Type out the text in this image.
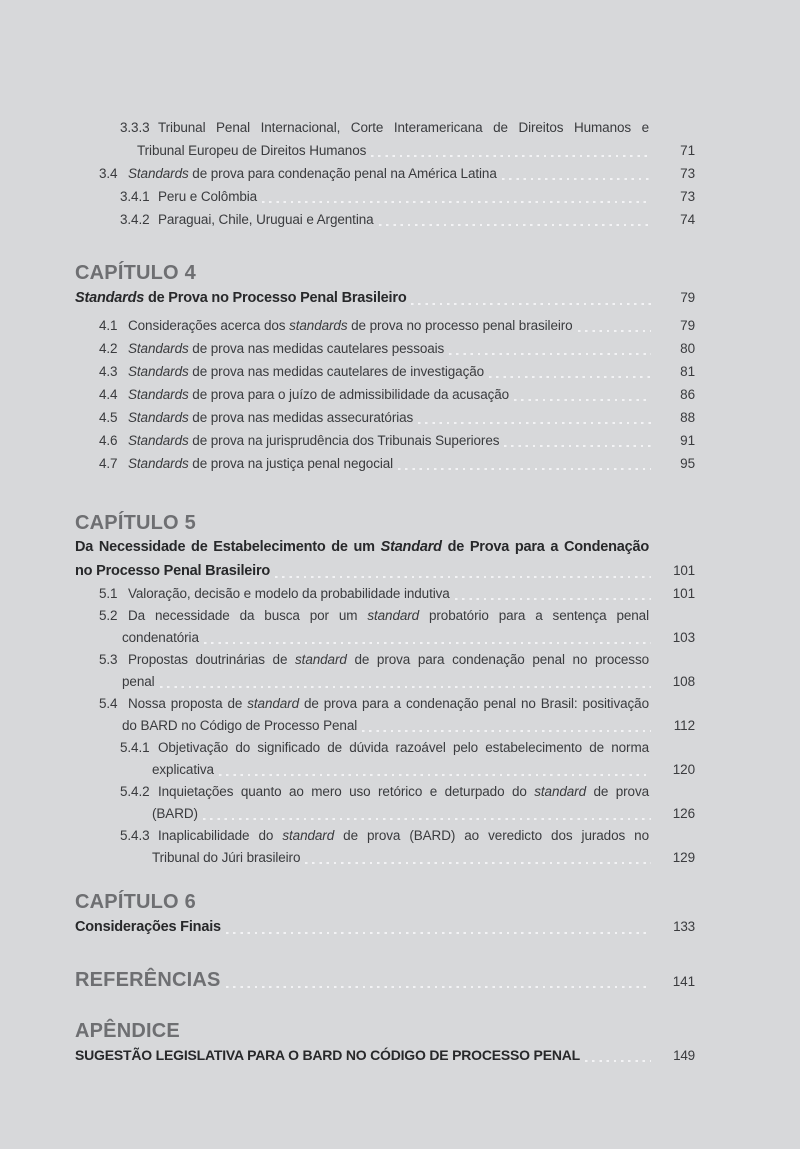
3.3.3 Tribunal Penal Internacional, Corte Interamericana de Direitos Humanos e
Tribunal Europeu de Direitos Humanos	71
3.4 Standards de prova para condenação penal na América Latina	73
3.4.1 Peru e Colômbia	73
3.4.2 Paraguai, Chile, Uruguai e Argentina	74
CAPÍTULO 4
Standards de Prova no Processo Penal Brasileiro	79
4.1 Considerações acerca dos standards de prova no processo penal brasileiro	79
4.2 Standards de prova nas medidas cautelares pessoais	80
4.3 Standards de prova nas medidas cautelares de investigação	81
4.4 Standards de prova para o juízo de admissibilidade da acusação	86
4.5 Standards de prova nas medidas assecuratórias	88
4.6 Standards de prova na jurisprudência dos Tribunais Superiores	91
4.7 Standards de prova na justiça penal negocial	95
CAPÍTULO 5
Da Necessidade de Estabelecimento de um Standard de Prova para a Condenação
no Processo Penal Brasileiro	101
5.1 Valoração, decisão e modelo da probabilidade indutiva	101
5.2 Da necessidade da busca por um standard probatório para a sentença penal
condenatória	103
5.3 Propostas doutrinárias de standard de prova para condenação penal no processo
penal	108
5.4 Nossa proposta de standard de prova para a condenação penal no Brasil: positivação
do BARD no Código de Processo Penal	112
5.4.1 Objetivação do significado de dúvida razoável pelo estabelecimento de norma
explicativa	120
5.4.2 Inquietações quanto ao mero uso retórico e deturpado do standard de prova
(BARD)	126
5.4.3 Inaplicabilidade do standard de prova (BARD) ao veredicto dos jurados no
Tribunal do Júri brasileiro	129
CAPÍTULO 6
Considerações Finais	133
REFERÊNCIAS	141
APÊNDICE
SUGESTÃO LEGISLATIVA PARA O BARD NO CÓDIGO DE PROCESSO PENAL	149
